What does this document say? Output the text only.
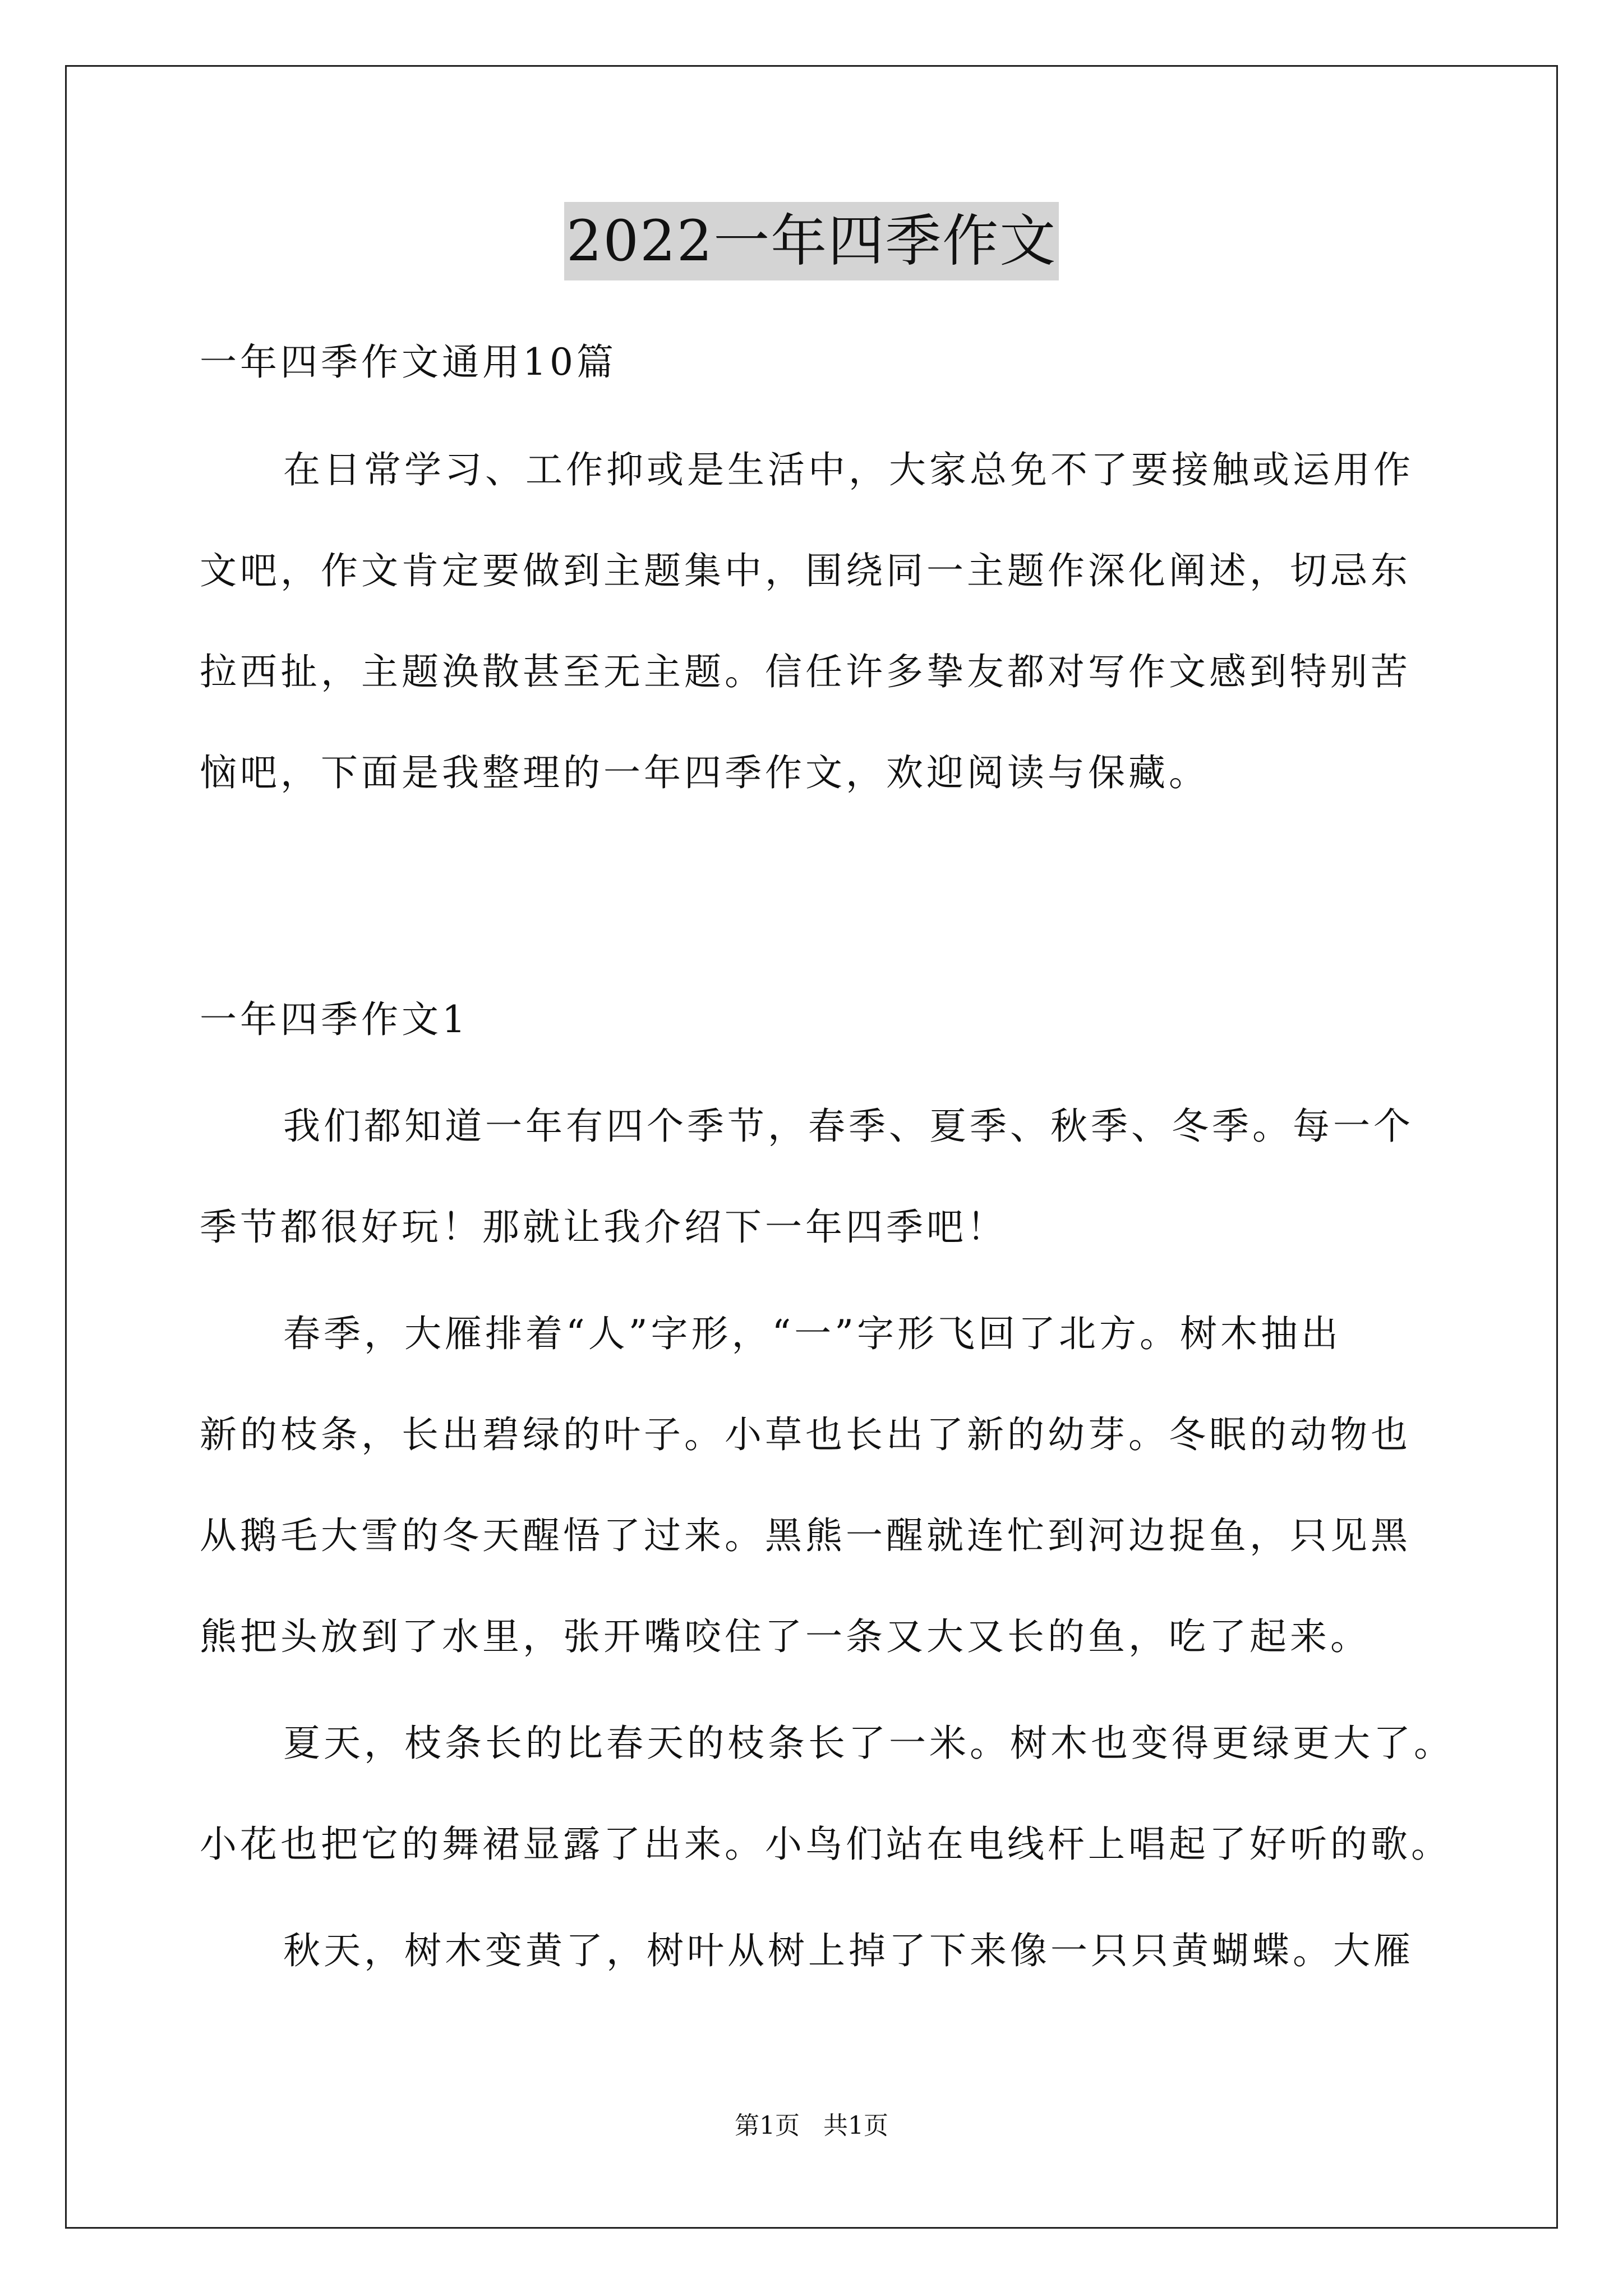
2022一年四季作文
一年四季作文通用10篇
在日常学习、工作抑或是生活中，大家总免不了要接触或运用作
文吧，作文肯定要做到主题集中，围绕同一主题作深化阐述，切忌东
拉西扯，主题涣散甚至无主题。信任许多挚友都对写作文感到特别苦
恼吧，下面是我整理的一年四季作文，欢迎阅读与保藏。
一年四季作文1
我们都知道一年有四个季节，春季、夏季、秋季、冬季。每一个
季节都很好玩！那就让我介绍下一年四季吧！
春季，大雁排着“人”字形，“一”字形飞回了北方。树木抽出
新的枝条，长出碧绿的叶子。小草也长出了新的幼芽。冬眠的动物也
从鹅毛大雪的冬天醒悟了过来。黑熊一醒就连忙到河边捉鱼，只见黑
熊把头放到了水里，张开嘴咬住了一条又大又长的鱼，吃了起来。
夏天，枝条长的比春天的枝条长了一米。树木也变得更绿更大了。
小花也把它的舞裙显露了出来。小鸟们站在电线杆上唱起了好听的歌。
秋天，树木变黄了，树叶从树上掉了下来像一只只黄蝴蝶。大雁
第1页 共1页
